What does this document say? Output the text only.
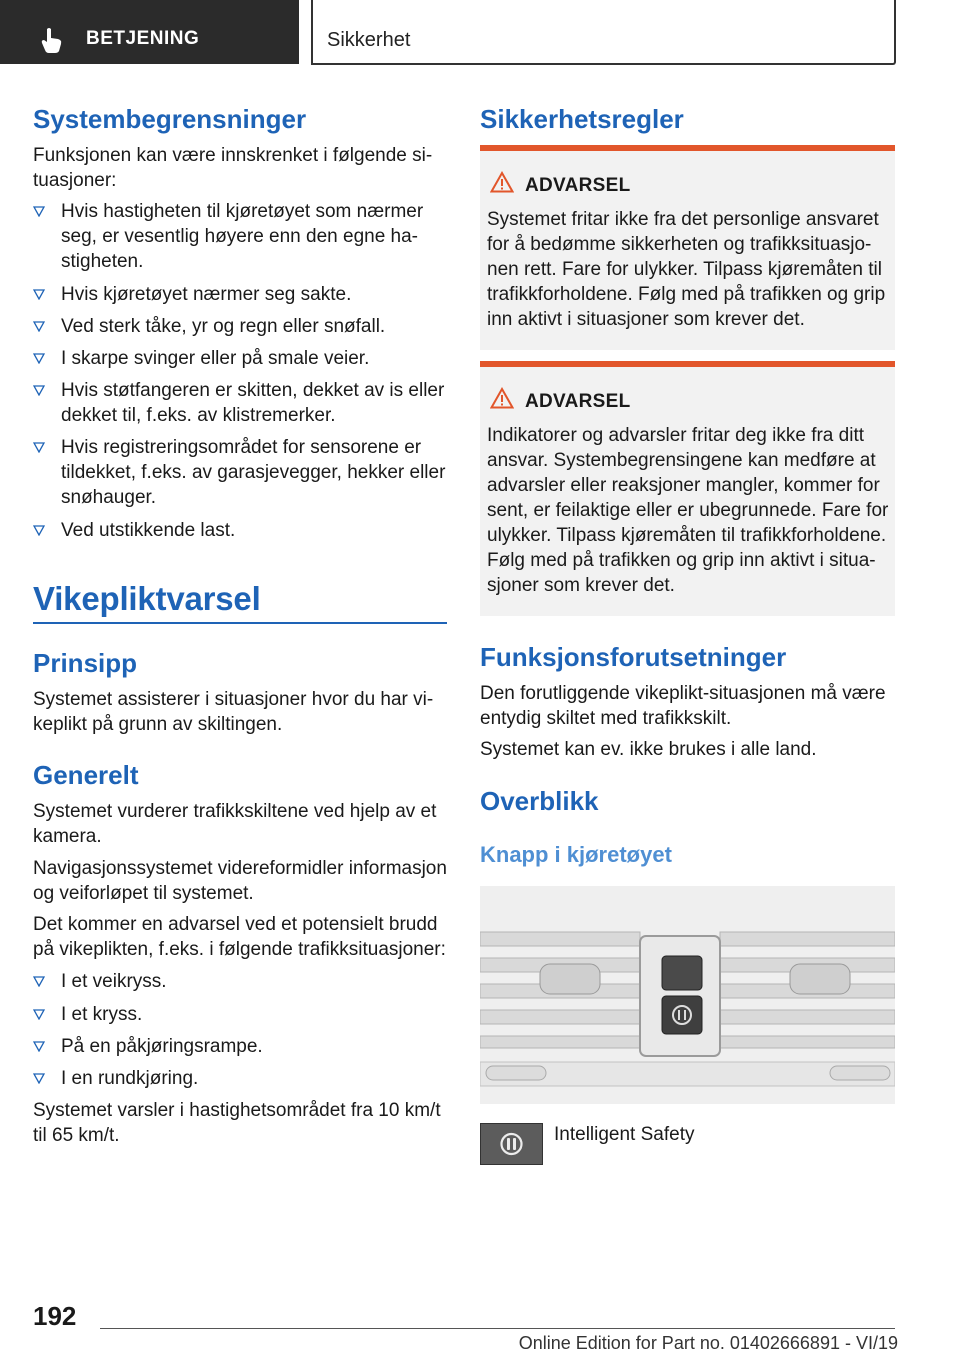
BETJENING	Sikkerhet
Systembegrensninger
Funksjonen kan være innskrenket i følgende si-tuasjoner:
Hvis hastigheten til kjøretøyet som nærmer seg, er vesentlig høyere enn den egne ha-stigheten.
Hvis kjøretøyet nærmer seg sakte.
Ved sterk tåke, yr og regn eller snøfall.
I skarpe svinger eller på smale veier.
Hvis støtfangeren er skitten, dekket av is eller dekket til, f.eks. av klistremerker.
Hvis registreringsområdet for sensorene er tildekket, f.eks. av garasjevegger, hekker eller snøhauger.
Ved utstikkende last.
Vikepliktvarsel
Prinsipp
Systemet assisterer i situasjoner hvor du har vi-keplikt på grunn av skiltingen.
Generelt
Systemet vurderer trafikkskiltene ved hjelp av et kamera.
Navigasjonssystemet videreformidler informasjon og veiforløpet til systemet.
Det kommer en advarsel ved et potensielt brudd på vikeplikten, f.eks. i følgende trafikksituasjoner:
I et veikryss.
I et kryss.
På en påkjøringsrampe.
I en rundkjøring.
Systemet varsler i hastighetsområdet fra 10 km/t til 65 km/t.
Sikkerhetsregler
ADVARSEL
Systemet fritar ikke fra det personlige ansvaret for å bedømme sikkerheten og trafikksituasjo-nen rett. Fare for ulykker. Tilpass kjøremåten til trafikkforholdene. Følg med på trafikken og grip inn aktivt i situasjoner som krever det.
ADVARSEL
Indikatorer og advarsler fritar deg ikke fra ditt ansvar. Systembegrensingene kan medføre at advarsler eller reaksjoner mangler, kommer for sent, er feilaktige eller er ubegrunnede. Fare for ulykker. Tilpass kjøremåten til trafikkforholdene. Følg med på trafikken og grip inn aktivt i situa-sjoner som krever det.
Funksjonsforutsetninger
Den forutliggende vikeplikt-situasjonen må være entydig skiltet med trafikkskilt.
Systemet kan ev. ikke brukes i alle land.
Overblikk
Knapp i kjøretøyet
Intelligent Safety
192
Online Edition for Part no. 01402666891 - VI/19
